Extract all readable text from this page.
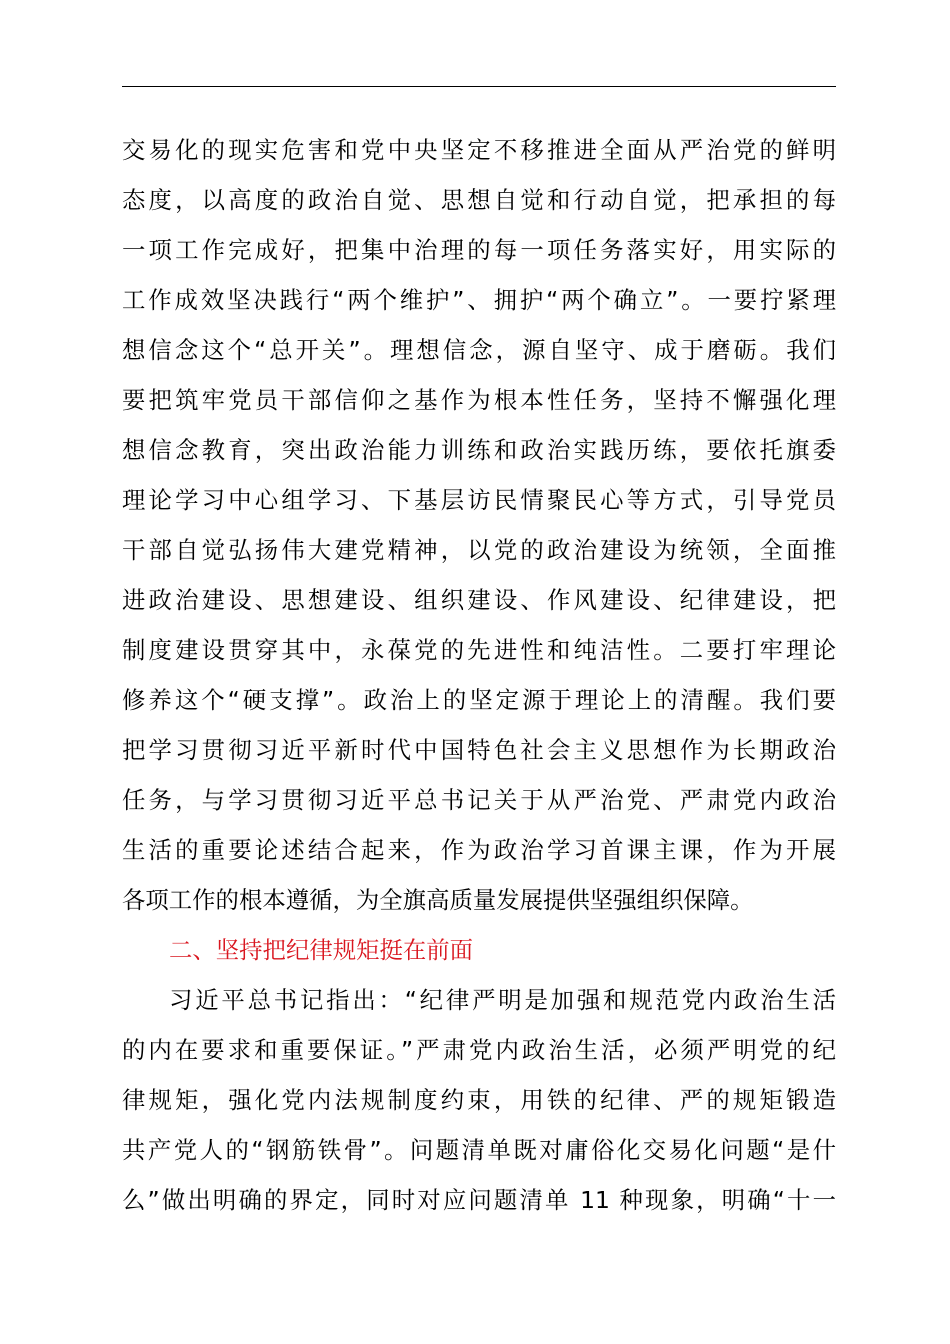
交易化的现实危害和党中央坚定不移推进全面从严治党的鲜明
态度，以高度的政治自觉、思想自觉和行动自觉，把承担的每
一项工作完成好，把集中治理的每一项任务落实好，用实际的
工作成效坚决践行“两个维护”、拥护“两个确立”。一要拧紧理
想信念这个“总开关”。理想信念，源自坚守、成于磨砺。我们
要把筑牢党员干部信仰之基作为根本性任务，坚持不懈强化理
想信念教育，突出政治能力训练和政治实践历练，要依托旗委
理论学习中心组学习、下基层访民情聚民心等方式，引导党员
干部自觉弘扬伟大建党精神，以党的政治建设为统领，全面推
进政治建设、思想建设、组织建设、作风建设、纪律建设，把
制度建设贯穿其中，永葆党的先进性和纯洁性。二要打牢理论
修养这个“硬支撑”。政治上的坚定源于理论上的清醒。我们要
把学习贯彻习近平新时代中国特色社会主义思想作为长期政治
任务，与学习贯彻习近平总书记关于从严治党、严肃党内政治
生活的重要论述结合起来，作为政治学习首课主课，作为开展
各项工作的根本遵循，为全旗高质量发展提供坚强组织保障。
二、坚持把纪律规矩挺在前面
习近平总书记指出：“纪律严明是加强和规范党内政治生活
的内在要求和重要保证。”严肃党内政治生活，必须严明党的纪
律规矩，强化党内法规制度约束，用铁的纪律、严的规矩锻造
共产党人的“钢筋铁骨”。问题清单既对庸俗化交易化问题“是什
么”做出明确的界定，同时对应问题清单 11 种现象，明确“十一
